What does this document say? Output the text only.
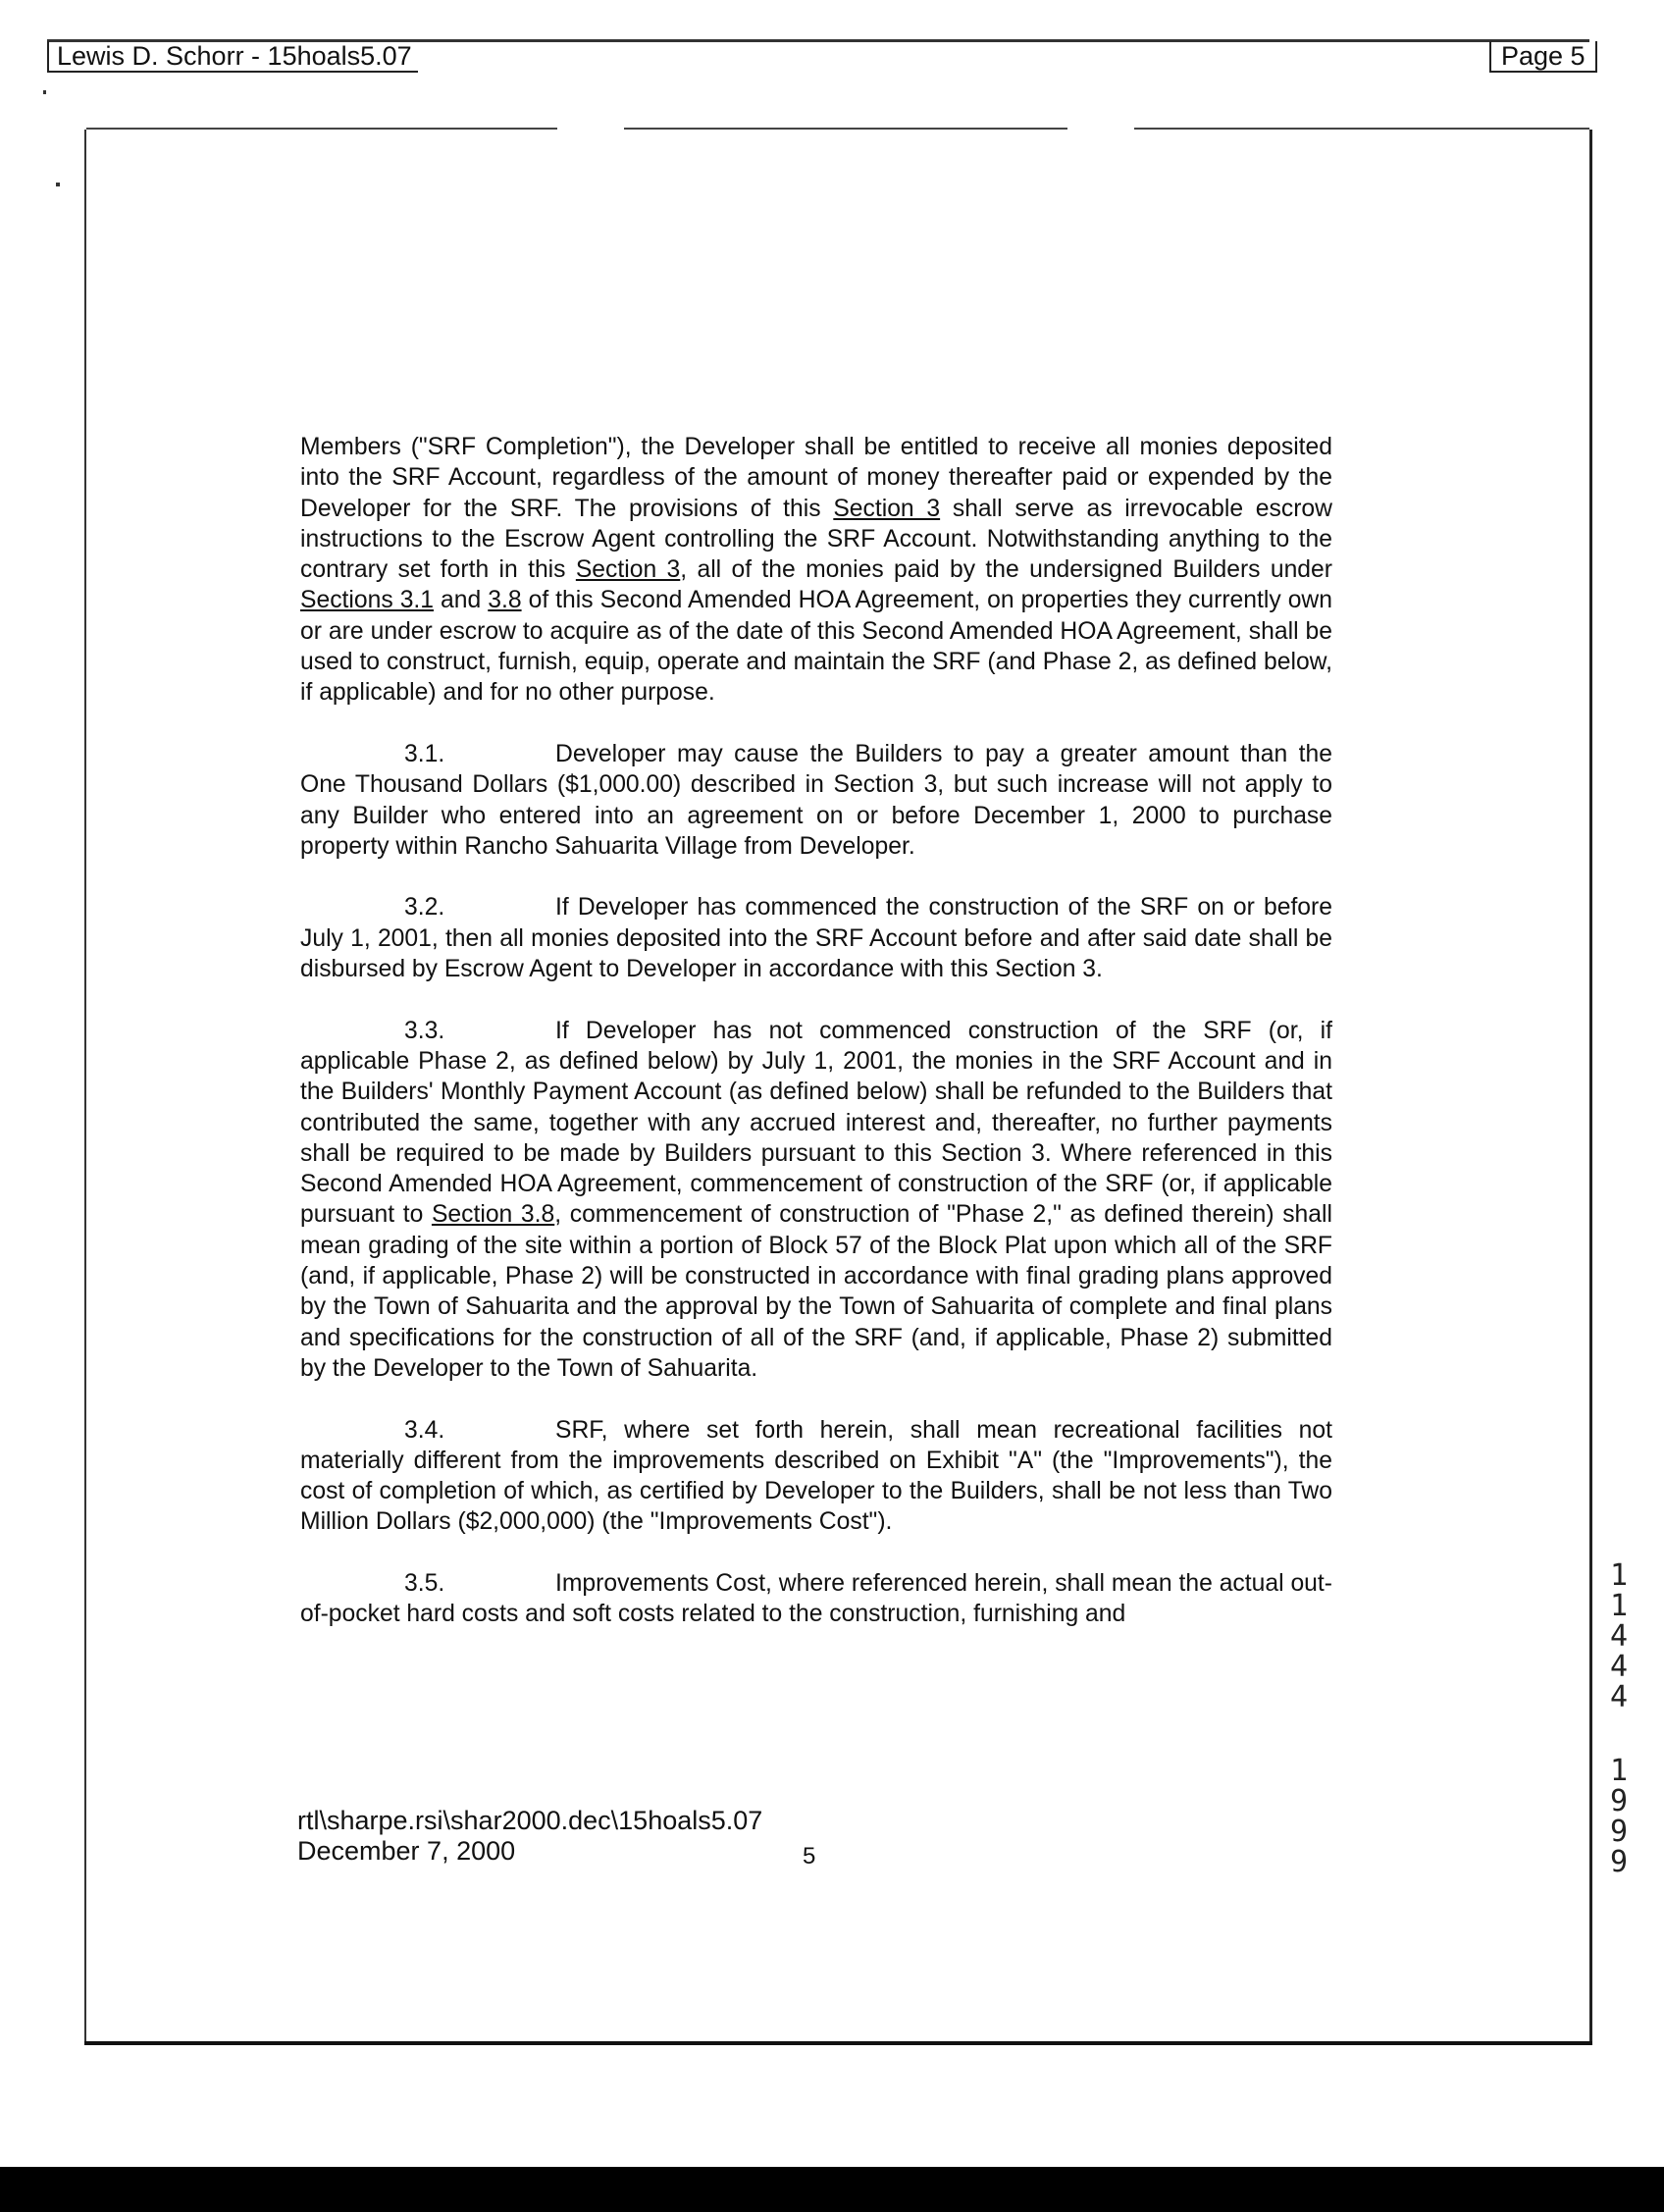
Lewis D. Schorr - 15hoals5.07	Page 5

Members ("SRF Completion"), the Developer shall be entitled to receive all monies deposited into the SRF Account, regardless of the amount of money thereafter paid or expended by the Developer for the SRF. The provisions of this Section 3 shall serve as irrevocable escrow instructions to the Escrow Agent controlling the SRF Account. Notwithstanding anything to the contrary set forth in this Section 3, all of the monies paid by the undersigned Builders under Sections 3.1 and 3.8 of this Second Amended HOA Agreement, on properties they currently own or are under escrow to acquire as of the date of this Second Amended HOA Agreement, shall be used to construct, furnish, equip, operate and maintain the SRF (and Phase 2, as defined below, if applicable) and for no other purpose.

3.1.	Developer may cause the Builders to pay a greater amount than the One Thousand Dollars ($1,000.00) described in Section 3, but such increase will not apply to any Builder who entered into an agreement on or before December 1, 2000 to purchase property within Rancho Sahuarita Village from Developer.

3.2.	If Developer has commenced the construction of the SRF on or before July 1, 2001, then all monies deposited into the SRF Account before and after said date shall be disbursed by Escrow Agent to Developer in accordance with this Section 3.

3.3.	If Developer has not commenced construction of the SRF (or, if applicable Phase 2, as defined below) by July 1, 2001, the monies in the SRF Account and in the Builders' Monthly Payment Account (as defined below) shall be refunded to the Builders that contributed the same, together with any accrued interest and, thereafter, no further payments shall be required to be made by Builders pursuant to this Section 3. Where referenced in this Second Amended HOA Agreement, commencement of construction of the SRF (or, if applicable pursuant to Section 3.8, commencement of construction of "Phase 2," as defined therein) shall mean grading of the site within a portion of Block 57 of the Block Plat upon which all of the SRF (and, if applicable, Phase 2) will be constructed in accordance with final grading plans approved by the Town of Sahuarita and the approval by the Town of Sahuarita of complete and final plans and specifications for the construction of all of the SRF (and, if applicable, Phase 2) submitted by the Developer to the Town of Sahuarita.

3.4.	SRF, where set forth herein, shall mean recreational facilities not materially different from the improvements described on Exhibit "A" (the "Improvements"), the cost of completion of which, as certified by Developer to the Builders, shall be not less than Two Million Dollars ($2,000,000) (the "Improvements Cost").

3.5.	Improvements Cost, where referenced herein, shall mean the actual out-of-pocket hard costs and soft costs related to the construction, furnishing and

rtl\sharpe.rsi\shar2000.dec\15hoals5.07
December 7, 2000	5
1
1
4
4
4
1
9
9
9
